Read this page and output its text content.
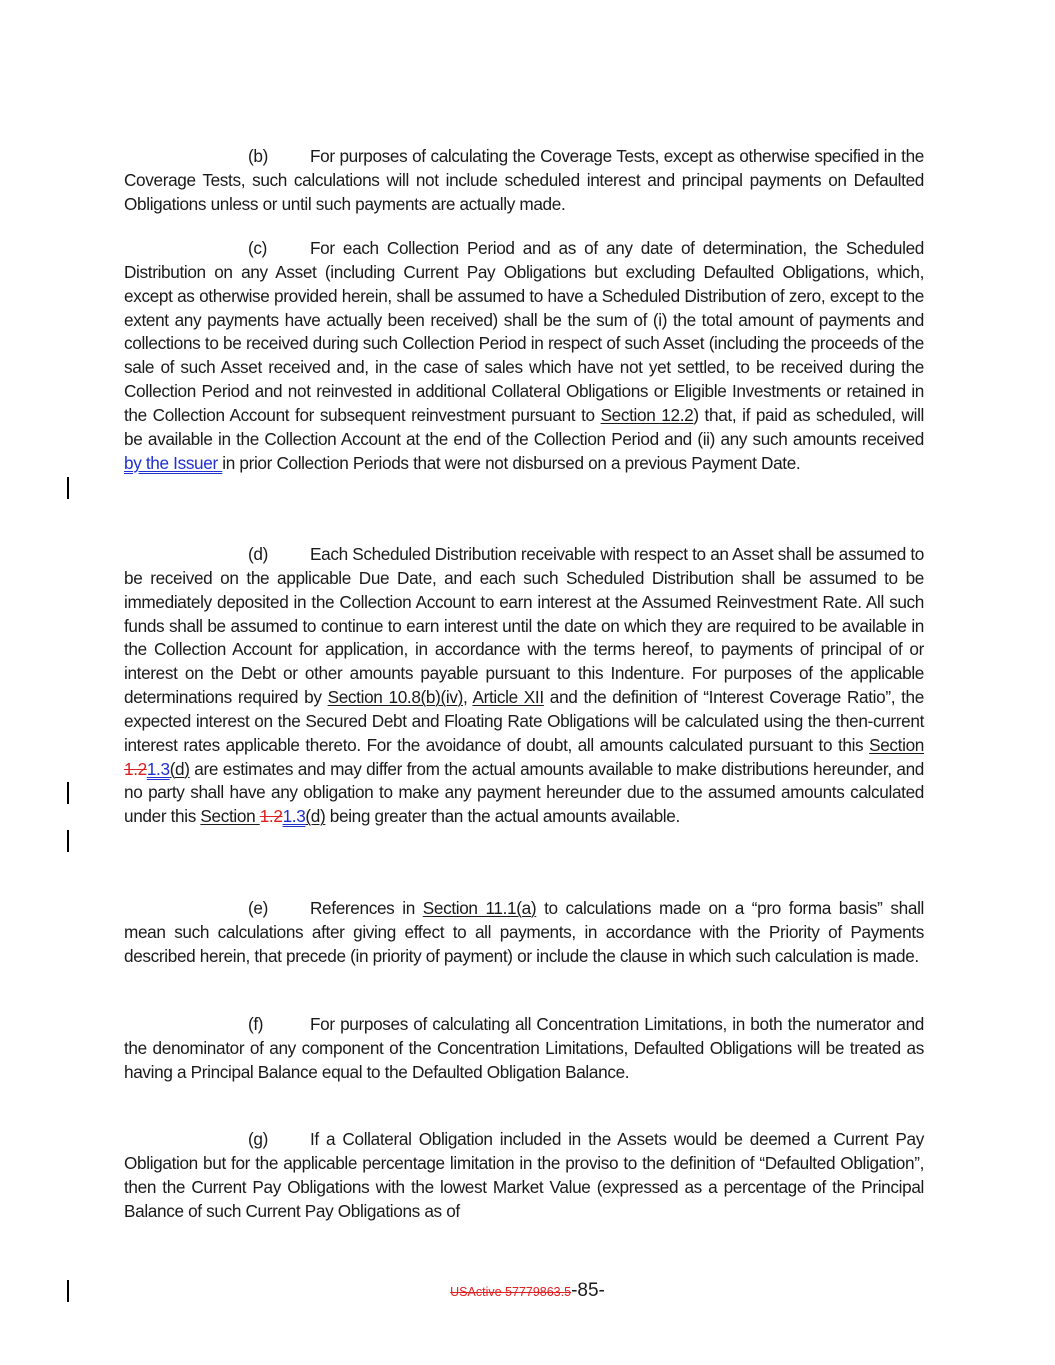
(b) For purposes of calculating the Coverage Tests, except as otherwise specified in the Coverage Tests, such calculations will not include scheduled interest and principal payments on Defaulted Obligations unless or until such payments are actually made.
(c)	For each Collection Period and as of any date of determination, the Scheduled Distribution on any Asset (including Current Pay Obligations but excluding Defaulted Obligations, which, except as otherwise provided herein, shall be assumed to have a Scheduled Distribution of zero, except to the extent any payments have actually been received) shall be the sum of (i) the total amount of payments and collections to be received during such Collection Period in respect of such Asset (including the proceeds of the sale of such Asset received and, in the case of sales which have not yet settled, to be received during the Collection Period and not reinvested in additional Collateral Obligations or Eligible Investments or retained in the Collection Account for subsequent reinvestment pursuant to Section 12.2) that, if paid as scheduled, will be available in the Collection Account at the end of the Collection Period and (ii) any such amounts received by the Issuer in prior Collection Periods that were not disbursed on a previous Payment Date.
(d) Each Scheduled Distribution receivable with respect to an Asset shall be assumed to be received on the applicable Due Date, and each such Scheduled Distribution shall be assumed to be immediately deposited in the Collection Account to earn interest at the Assumed Reinvestment Rate. All such funds shall be assumed to continue to earn interest until the date on which they are required to be available in the Collection Account for application, in accordance with the terms hereof, to payments of principal of or interest on the Debt or other amounts payable pursuant to this Indenture. For purposes of the applicable determinations required by Section 10.8(b)(iv), Article XII and the definition of “Interest Coverage Ratio”, the expected interest on the Secured Debt and Floating Rate Obligations will be calculated using the then-current interest rates applicable thereto. For the avoidance of doubt, all amounts calculated pursuant to this Section 1.21.3(d) are estimates and may differ from the actual amounts available to make distributions hereunder, and no party shall have any obligation to make any payment hereunder due to the assumed amounts calculated under this Section 1.21.3(d) being greater than the actual amounts available.
(e) References in Section 11.1(a) to calculations made on a “pro forma basis” shall mean such calculations after giving effect to all payments, in accordance with the Priority of Payments described herein, that precede (in priority of payment) or include the clause in which such calculation is made.
(f)	For purposes of calculating all Concentration Limitations, in both the numerator and the denominator of any component of the Concentration Limitations, Defaulted Obligations will be treated as having a Principal Balance equal to the Defaulted Obligation Balance.
(g) If a Collateral Obligation included in the Assets would be deemed a Current Pay Obligation but for the applicable percentage limitation in the proviso to the definition of “Defaulted Obligation”, then the Current Pay Obligations with the lowest Market Value (expressed as a percentage of the Principal Balance of such Current Pay Obligations as of
USActive 57779863.5-85-
